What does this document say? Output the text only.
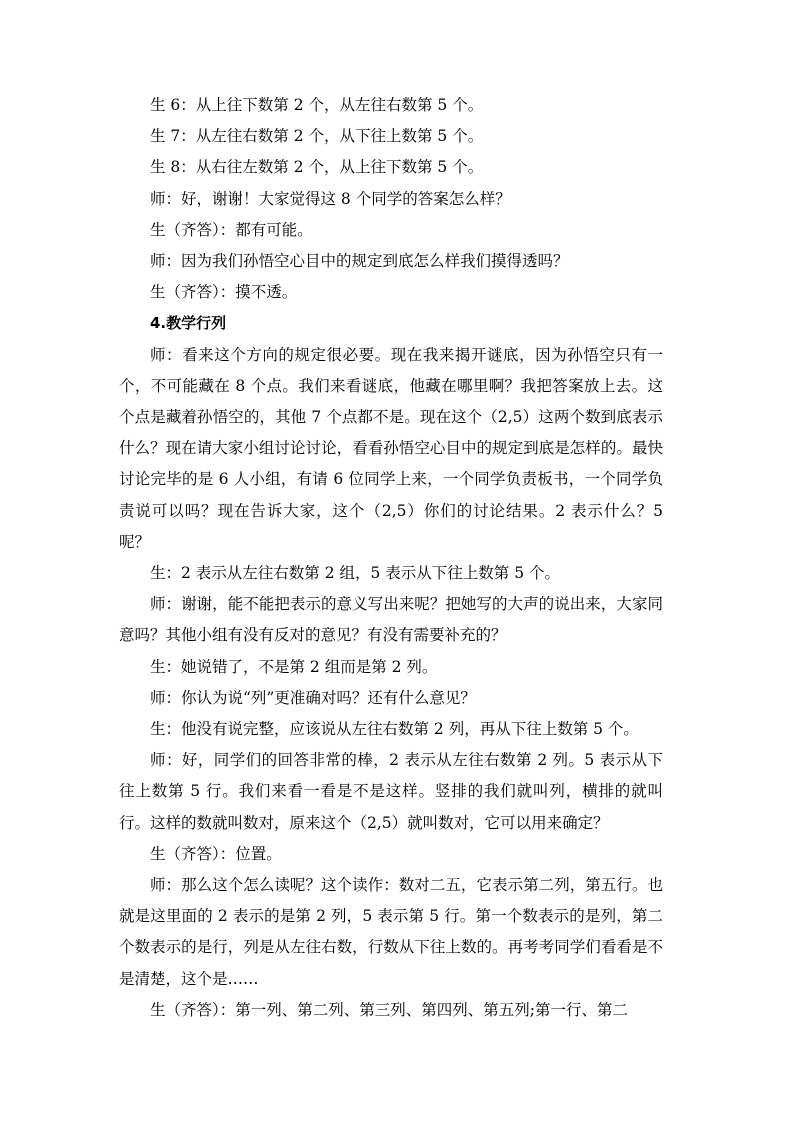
生 6：从上往下数第 2 个，从左往右数第 5 个。

生 7：从左往右数第 2 个，从下往上数第 5 个。

生 8：从右往左数第 2 个，从上往下数第 5 个。

师：好，谢谢！大家觉得这 8 个同学的答案怎么样？

生（齐答）：都有可能。

师：因为我们孙悟空心目中的规定到底怎么样我们摸得透吗？

生（齐答）：摸不透。

4.教学行列

师：看来这个方向的规定很必要。现在我来揭开谜底，因为孙悟空只有一个，不可能藏在 8 个点。我们来看谜底，他藏在哪里啊？我把答案放上去。这个点是藏着孙悟空的，其他 7 个点都不是。现在这个（2,5）这两个数到底表示什么？现在请大家小组讨论讨论，看看孙悟空心目中的规定到底是怎样的。最快讨论完毕的是 6 人小组，有请 6 位同学上来，一个同学负责板书，一个同学负责说可以吗？现在告诉大家，这个（2,5）你们的讨论结果。2 表示什么？5 呢？

生：2 表示从左往右数第 2 组，5 表示从下往上数第 5 个。

师：谢谢，能不能把表示的意义写出来呢？把她写的大声的说出来，大家同意吗？其他小组有没有反对的意见？有没有需要补充的？

生：她说错了，不是第 2 组而是第 2 列。

师：你认为说“列”更准确对吗？还有什么意见？

生：他没有说完整，应该说从左往右数第 2 列，再从下往上数第 5 个。

师：好，同学们的回答非常的棒，2 表示从左往右数第 2 列。5 表示从下往上数第 5 行。我们来看一看是不是这样。竖排的我们就叫列，横排的就叫行。这样的数就叫数对，原来这个（2,5）就叫数对，它可以用来确定？

生（齐答）：位置。

师：那么这个怎么读呢？这个读作：数对二五，它表示第二列，第五行。也就是这里面的 2 表示的是第 2 列，5 表示第 5 行。第一个数表示的是列，第二个数表示的是行，列是从左往右数，行数从下往上数的。再考考同学们看看是不是清楚，这个是……

生（齐答）：第一列、第二列、第三列、第四列、第五列;第一行、第二
